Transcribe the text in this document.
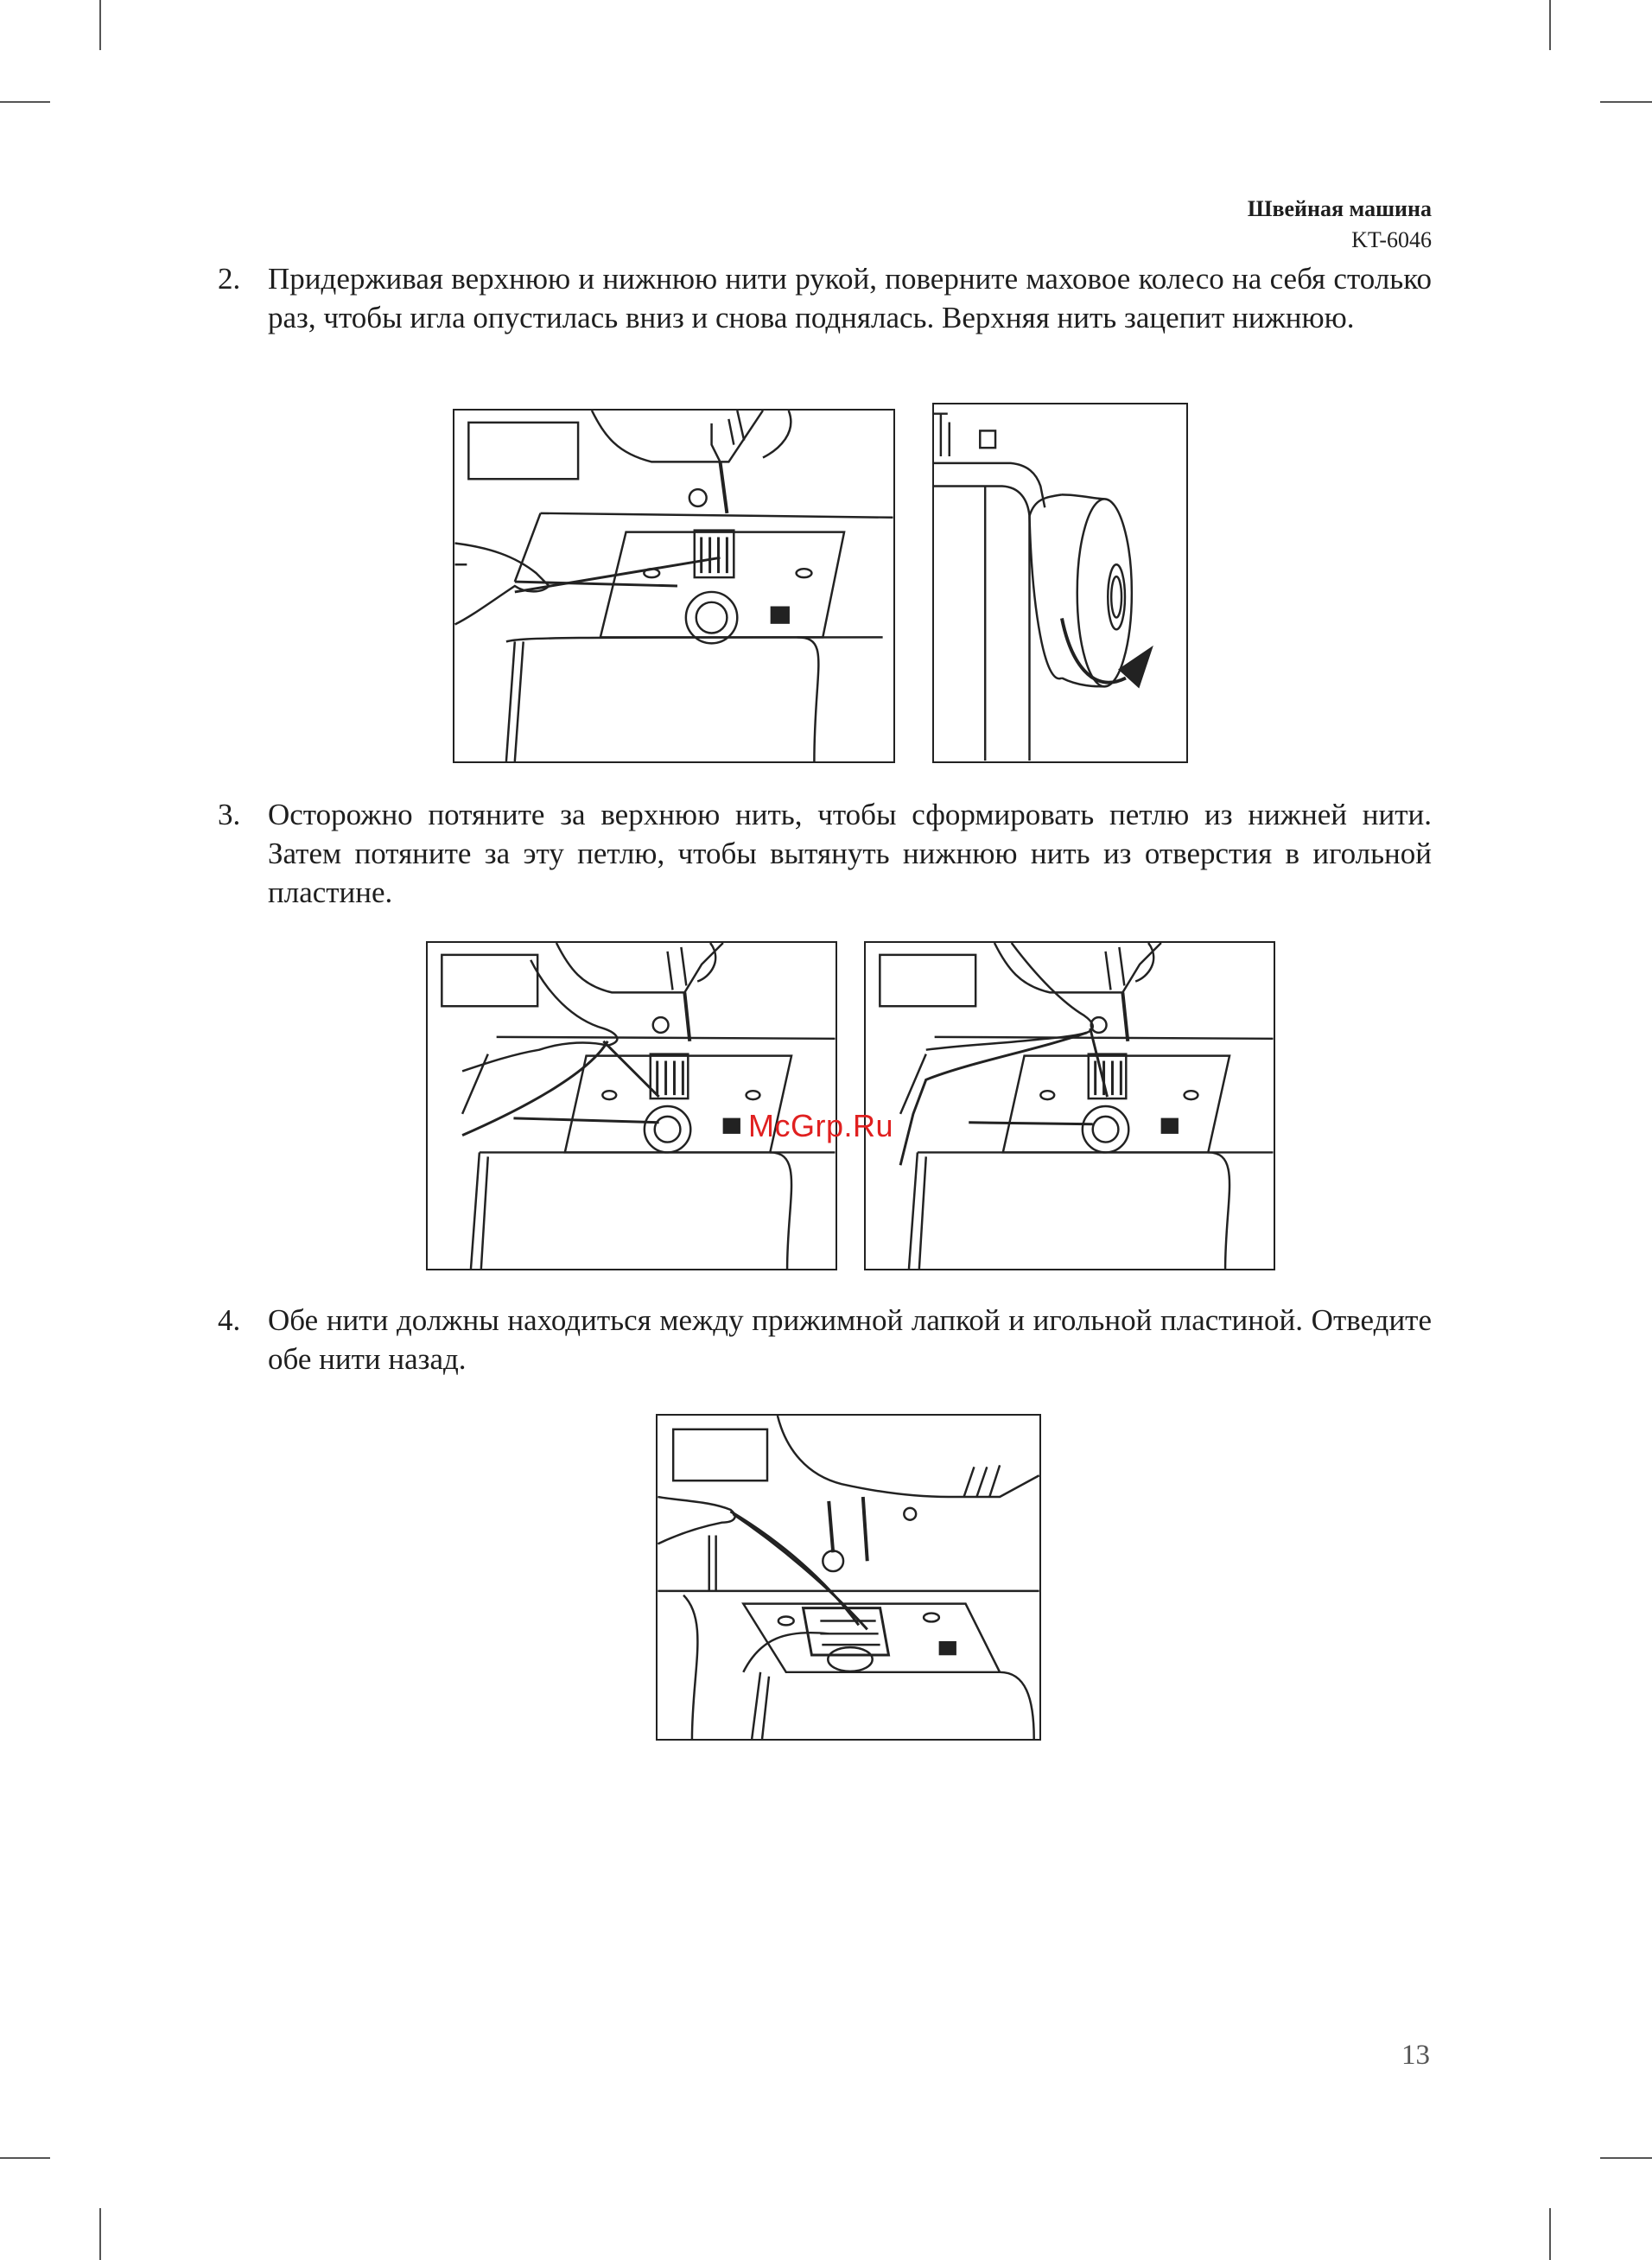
Швейная машина
KT-6046
2. Придерживая верхнюю и нижнюю нити рукой, поверните маховое колесо на себя столько раз, чтобы игла опустилась вниз и снова поднялась. Верхняя нить зацепит нижнюю.
3. Осторожно потяните за верхнюю нить, чтобы сформировать петлю из нижней нити. Затем потяните за эту петлю, чтобы вытянуть нижнюю нить из отверстия в игольной пластине.
McGrp.Ru
4. Обе нити должны находиться между прижимной лапкой и игольной пластиной. Отведите обе нити назад.
13
